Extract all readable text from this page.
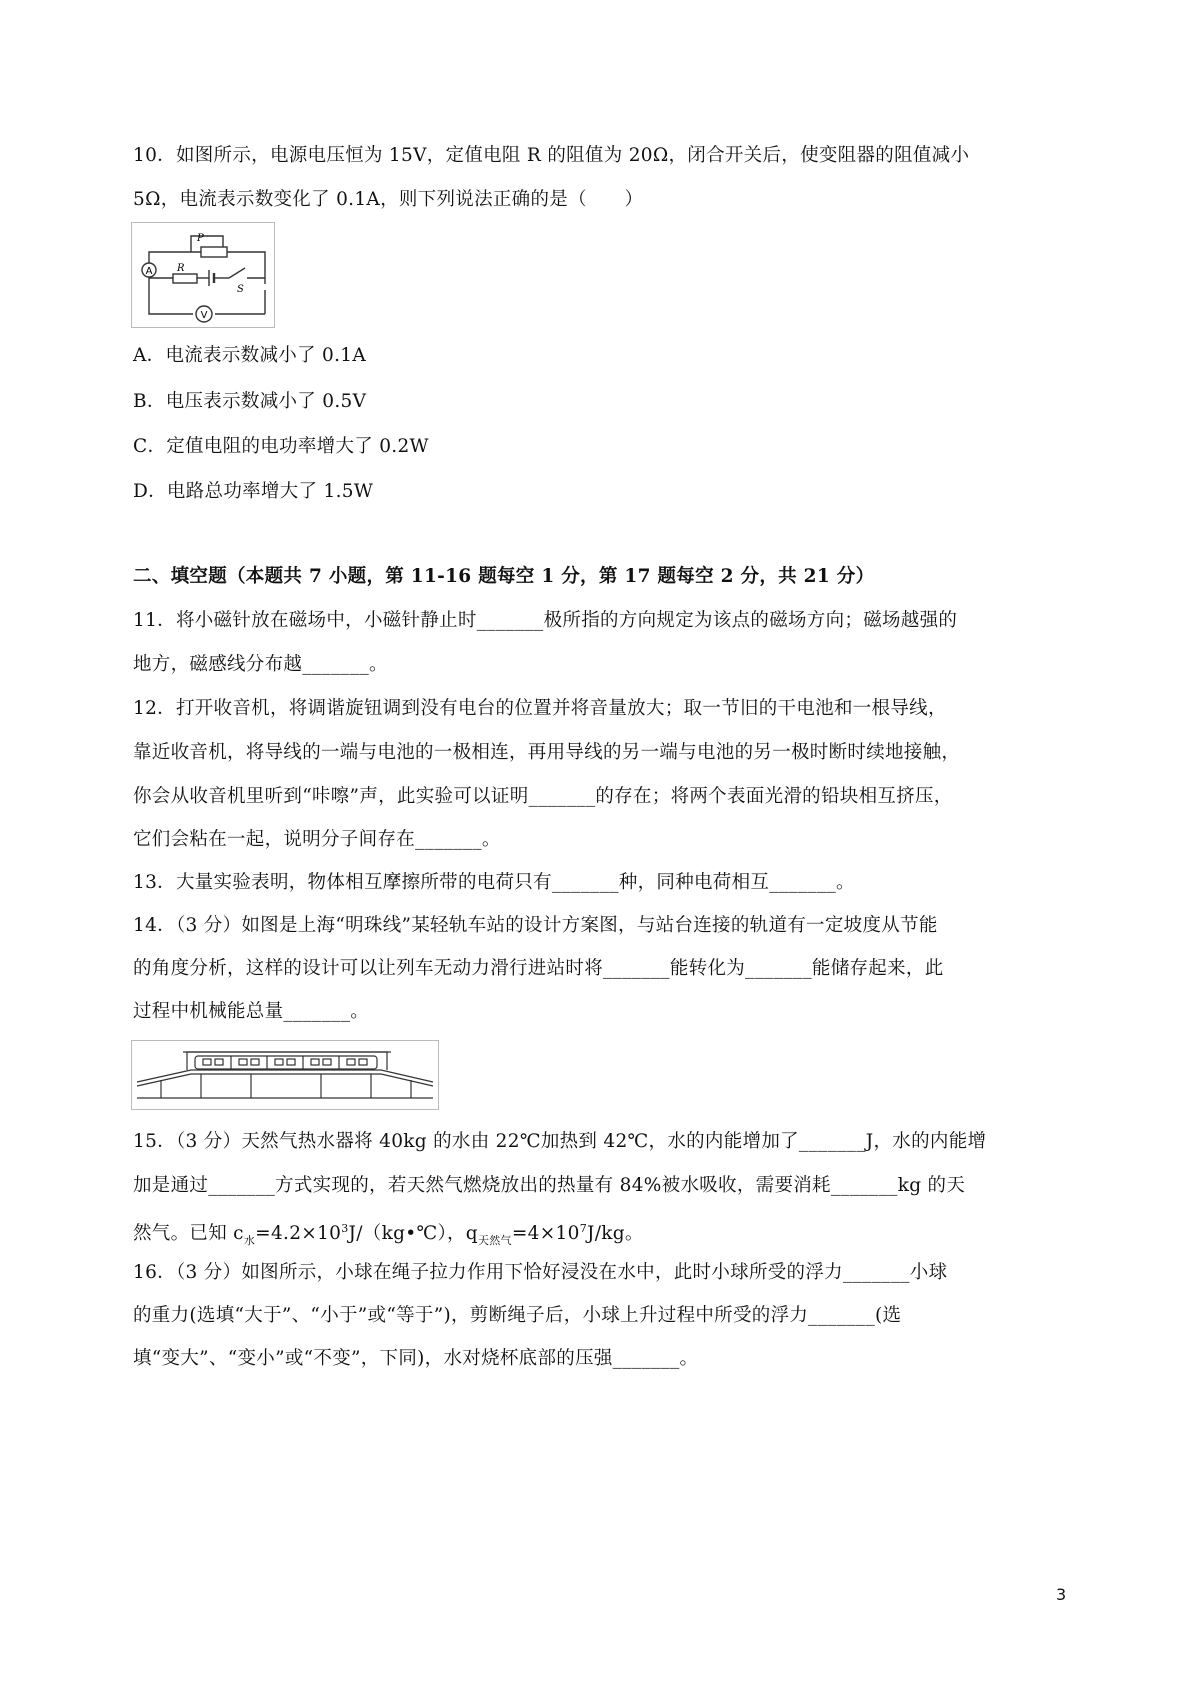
10．如图所示，电源电压恒为 15V，定值电阻 R 的阻值为 20Ω，闭合开关后，使变阻器的阻值减小
5Ω，电流表示数变化了 0.1A，则下列说法正确的是（　　）
A
V
P
R
S
A．电流表示数减小了 0.1A
B．电压表示数减小了 0.5V
C．定值电阻的电功率增大了 0.2W
D．电路总功率增大了 1.5W
二、填空题（本题共 7 小题，第 11-16 题每空 1 分，第 17 题每空 2 分，共 21 分）
11．将小磁针放在磁场中，小磁针静止时_______极所指的方向规定为该点的磁场方向；磁场越强的
地方，磁感线分布越_______。
12．打开收音机，将调谐旋钮调到没有电台的位置并将音量放大；取一节旧的干电池和一根导线，
靠近收音机，将导线的一端与电池的一极相连，再用导线的另一端与电池的另一极时断时续地接触，
你会从收音机里听到“咔嚓”声，此实验可以证明_______的存在；将两个表面光滑的铅块相互挤压，
它们会粘在一起，说明分子间存在_______。
13．大量实验表明，物体相互摩擦所带的电荷只有_______种，同种电荷相互_______。
14．（3 分）如图是上海“明珠线”某轻轨车站的设计方案图，与站台连接的轨道有一定坡度从节能
的角度分析，这样的设计可以让列车无动力滑行进站时将_______能转化为_______能储存起来，此
过程中机械能总量_______。
15．（3 分）天然气热水器将 40kg 的水由 22℃加热到 42℃，水的内能增加了_______J，水的内能增
加是通过_______方式实现的，若天然气燃烧放出的热量有 84%被水吸收，需要消耗_______kg 的天
然气。已知 $c_水=4.2\times 10^3J/(kg•℃)$，$q_{天然气}=4\times 10^7J/kg$。
16．（3 分）如图所示，小球在绳子拉力作用下恰好浸没在水中，此时小球所受的浮力_______小球
的重力(选填“大于”、“小于”或“等于”)，剪断绳子后，小球上升过程中所受的浮力_______(选
填“变大”、“变小”或“不变”，下同)，水对烧杯底部的压强_______。
3
